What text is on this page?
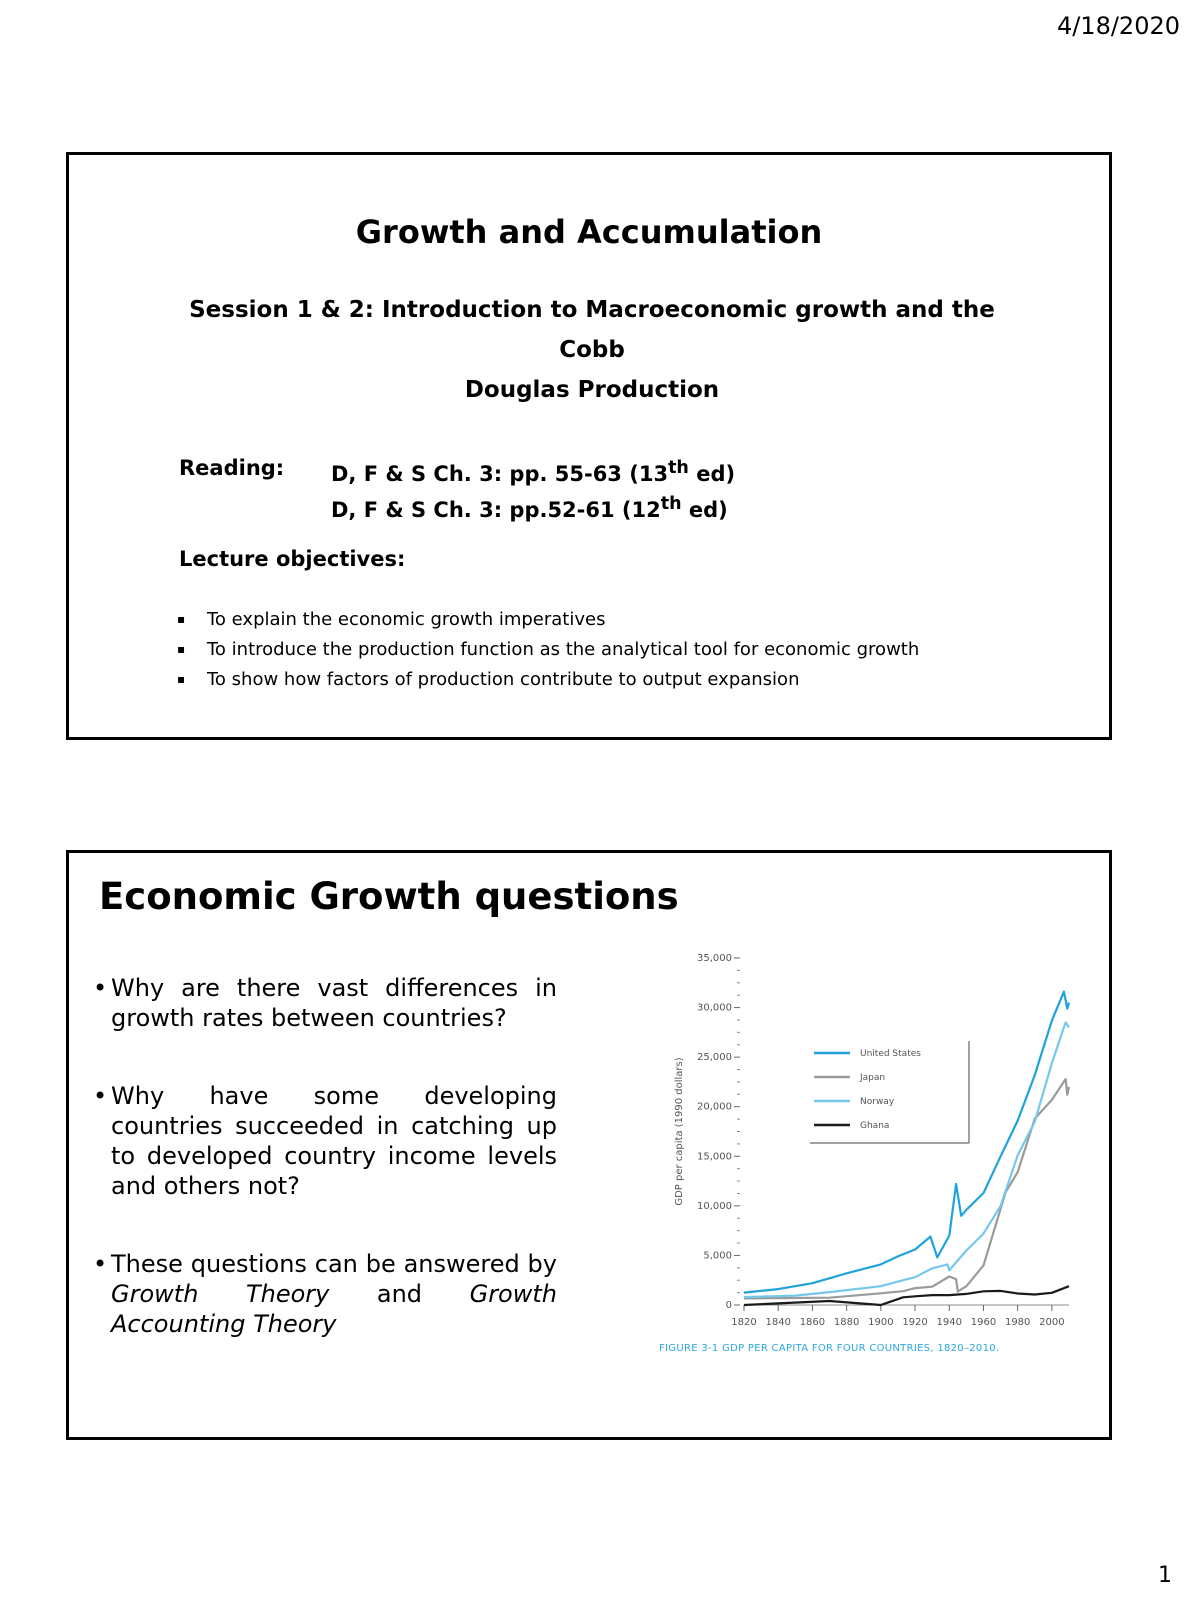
4/18/2020
Growth and Accumulation
Session 1 & 2: Introduction to Macroeconomic growth and the Cobb
Douglas Production
Reading:	D, F & S Ch. 3: pp. 55-63 (13th ed)
D, F & S Ch. 3: pp.52-61 (12th ed)
Lecture objectives:
▪ To explain the economic growth imperatives
▪ To introduce the production function as the analytical tool for economic growth
▪ To show how factors of production contribute to output expansion
Economic Growth questions
• Why are there vast differences in growth rates between countries?
• Why have some developing countries succeeded in catching up to developed country income levels and others not?
• These questions can be answered by Growth Theory and Growth Accounting Theory
0
5,000
10,000
15,000
20,000
25,000
30,000
35,000
1820 1840 1860 1880 1900 1920 1940 1960 1980 2000
GDP per capita (1990 dollars)
United States
Japan
Norway
Ghana
FIGURE 3-1 GDP PER CAPITA FOR FOUR COUNTRIES, 1820–2010.
1
